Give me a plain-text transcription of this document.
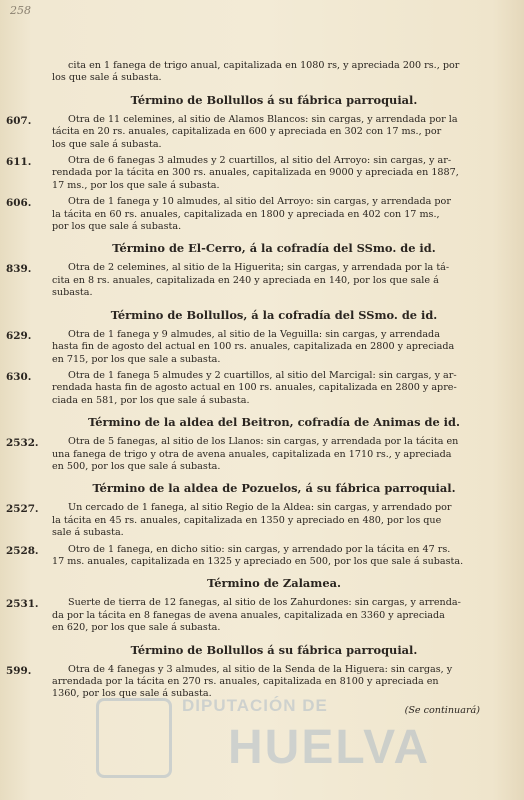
258
cita en 1 fanega de trigo anual, capitalizada en 1080 rs, y apreciada 200 rs., por
los que sale á subasta.
Término de Bollullos á su fábrica parroquial.
607.	Otra de 11 celemines, al sitio de Alamos Blancos: sin cargas, y arrendada por la
tácita en 20 rs. anuales, capitalizada en 600 y apreciada en 302 con 17 ms., por
los que sale á subasta.
611.	Otra de 6 fanegas 3 almudes y 2 cuartillos, al sitio del Arroyo: sin cargas, y ar-
rendada por la tácita en 300 rs. anuales, capitalizada en 9000 y apreciada en 1887,
17 ms., por los que sale á subasta.
606.	Otra de 1 fanega y 10 almudes, al sitio del Arroyo: sin cargas, y arrendada por
la tácita en 60 rs. anuales, capitalizada en 1800 y apreciada en 402 con 17 ms.,
por los que sale á subasta.
Término de El-Cerro, á la cofradía del SSmo. de id.
839.	Otra de 2 celemines, al sitio de la Higuerita; sin cargas, y arrendada por la tá-
cita en 8 rs. anuales, capitalizada en 240 y apreciada en 140, por los que sale á
subasta.
Término de Bollullos, á la cofradía del SSmo. de id.
629.	Otra de 1 fanega y 9 almudes, al sitio de la Veguilla: sin cargas, y arrendada
hasta fin de agosto del actual en 100 rs. anuales, capitalizada en 2800 y apreciada
en 715, por los que sale a subasta.
630.	Otra de 1 fanega 5 almudes y 2 cuartillos, al sitio del Marcigal: sin cargas, y ar-
rendada hasta fin de agosto actual en 100 rs. anuales, capitalizada en 2800 y apre-
ciada en 581, por los que sale á subasta.
Término de la aldea del Beitron, cofradía de Animas de id.
2532.	Otra de 5 fanegas, al sitio de los Llanos: sin cargas, y arrendada por la tácita en
una fanega de trigo y otra de avena anuales, capitalizada en 1710 rs., y apreciada
en 500, por los que sale á subasta.
Término de la aldea de Pozuelos, á su fábrica parroquial.
2527.	Un cercado de 1 fanega, al sitio Regio de la Aldea: sin cargas, y arrendado por
la tácita en 45 rs. anuales, capitalizada en 1350 y apreciado en 480, por los que
sale á subasta.
2528.	Otro de 1 fanega, en dicho sitio: sin cargas, y arrendado por la tácita en 47 rs.
17 ms. anuales, capitalizada en 1325 y apreciado en 500, por los que sale á subasta.
Término de Zalamea.
2531.	Suerte de tierra de 12 fanegas, al sitio de los Zahurdones: sin cargas, y arrenda-
da por la tácita en 8 fanegas de avena anuales, capitalizada en 3360 y apreciada
en 620, por los que sale á subasta.
Término de Bollullos á su fábrica parroquial.
599.	Otra de 4 fanegas y 3 almudes, al sitio de la Senda de la Higuera: sin cargas, y
arrendada por la tácita en 270 rs. anuales, capitalizada en 8100 y apreciada en
1360, por los que sale á subasta.
(Se continuará)
DIPUTACIÓN DE
HUELVA
